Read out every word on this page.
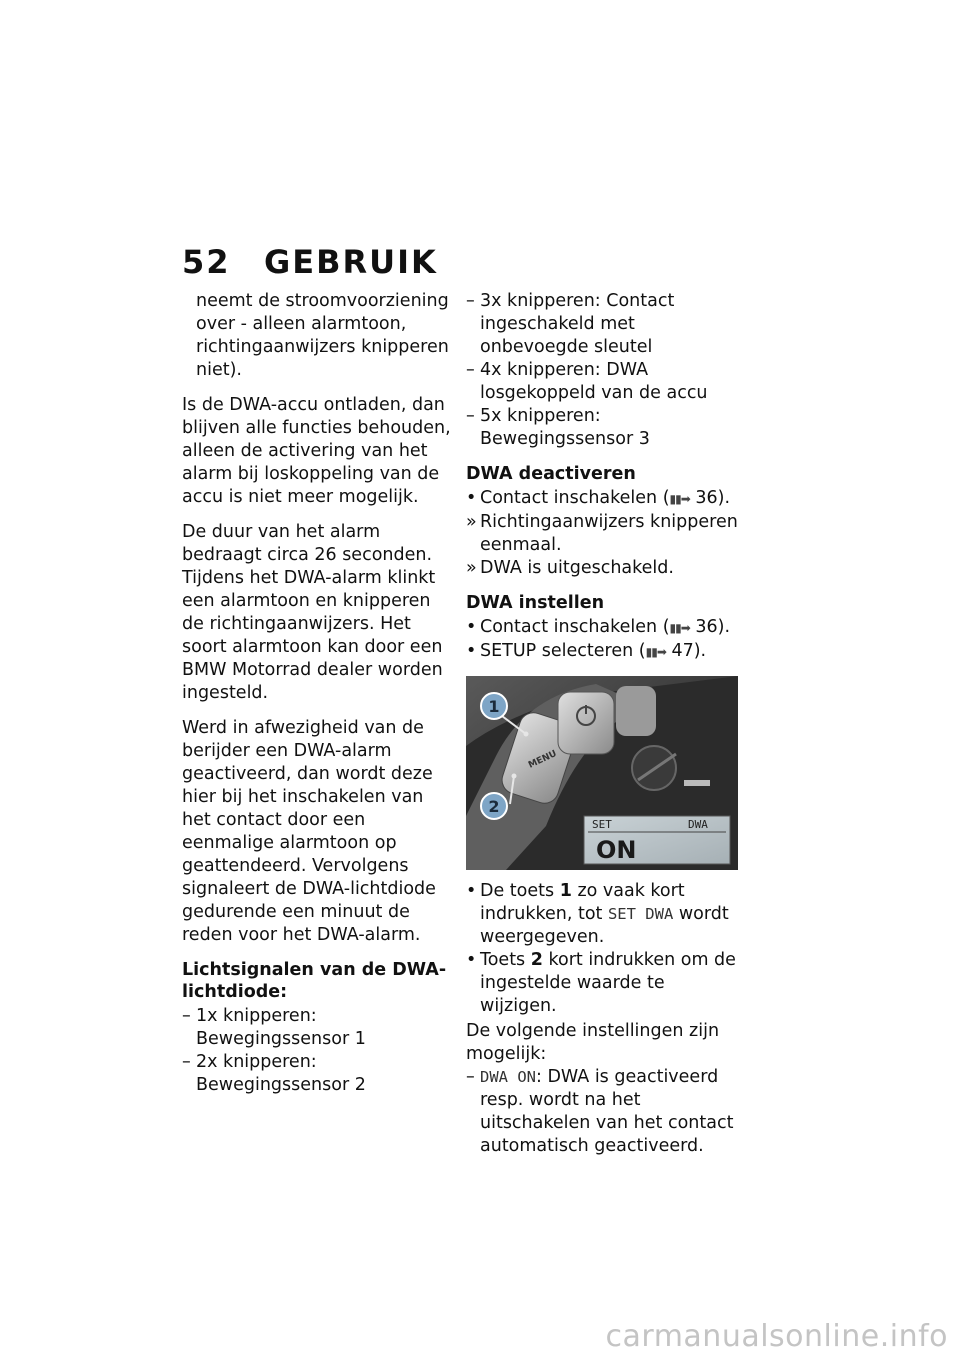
52 GEBRUIK

neemt de stroomvoorziening over - alleen alarmtoon, richtingaanwijzers knipperen niet).

Is de DWA-accu ontladen, dan blijven alle functies behouden, alleen de activering van het alarm bij loskoppeling van de accu is niet meer mogelijk.

De duur van het alarm bedraagt circa 26 seconden. Tijdens het DWA-alarm klinkt een alarmtoon en knipperen de richtingaanwijzers. Het soort alarmtoon kan door een BMW Motorrad dealer worden ingesteld.

Werd in afwezigheid van de berijder een DWA-alarm geactiveerd, dan wordt deze hier bij het inschakelen van het contact door een eenmalige alarmtoon op geattendeerd. Vervolgens signaleert de DWA-lichtdiode gedurende een minuut de reden voor het DWA-alarm.

Lichtsignalen van de DWA-lichtdiode:
– 1x knipperen: Bewegingssensor 1
– 2x knipperen: Bewegingssensor 2
– 3x knipperen: Contact ingeschakeld met onbevoegde sleutel
– 4x knipperen: DWA losgekoppeld van de accu
– 5x knipperen: Bewegingssensor 3
DWA deactiveren
• Contact inschakelen (▮▮➡ 36).
» Richtingaanwijzers knipperen eenmaal.
» DWA is uitgeschakeld.
DWA instellen
• Contact inschakelen (▮▮➡ 36).
• SETUP selecteren (▮▮➡ 47).
MENU
SET	DWA
ON
1
2
• De toets 1 zo vaak kort indrukken, tot SET DWA wordt weergegeven.
• Toets 2 kort indrukken om de ingestelde waarde te wijzigen.

De volgende instellingen zijn mogelijk:

– DWA ON: DWA is geactiveerd resp. wordt na het uitschakelen van het contact automatisch geactiveerd.
carmanualsonline.info
